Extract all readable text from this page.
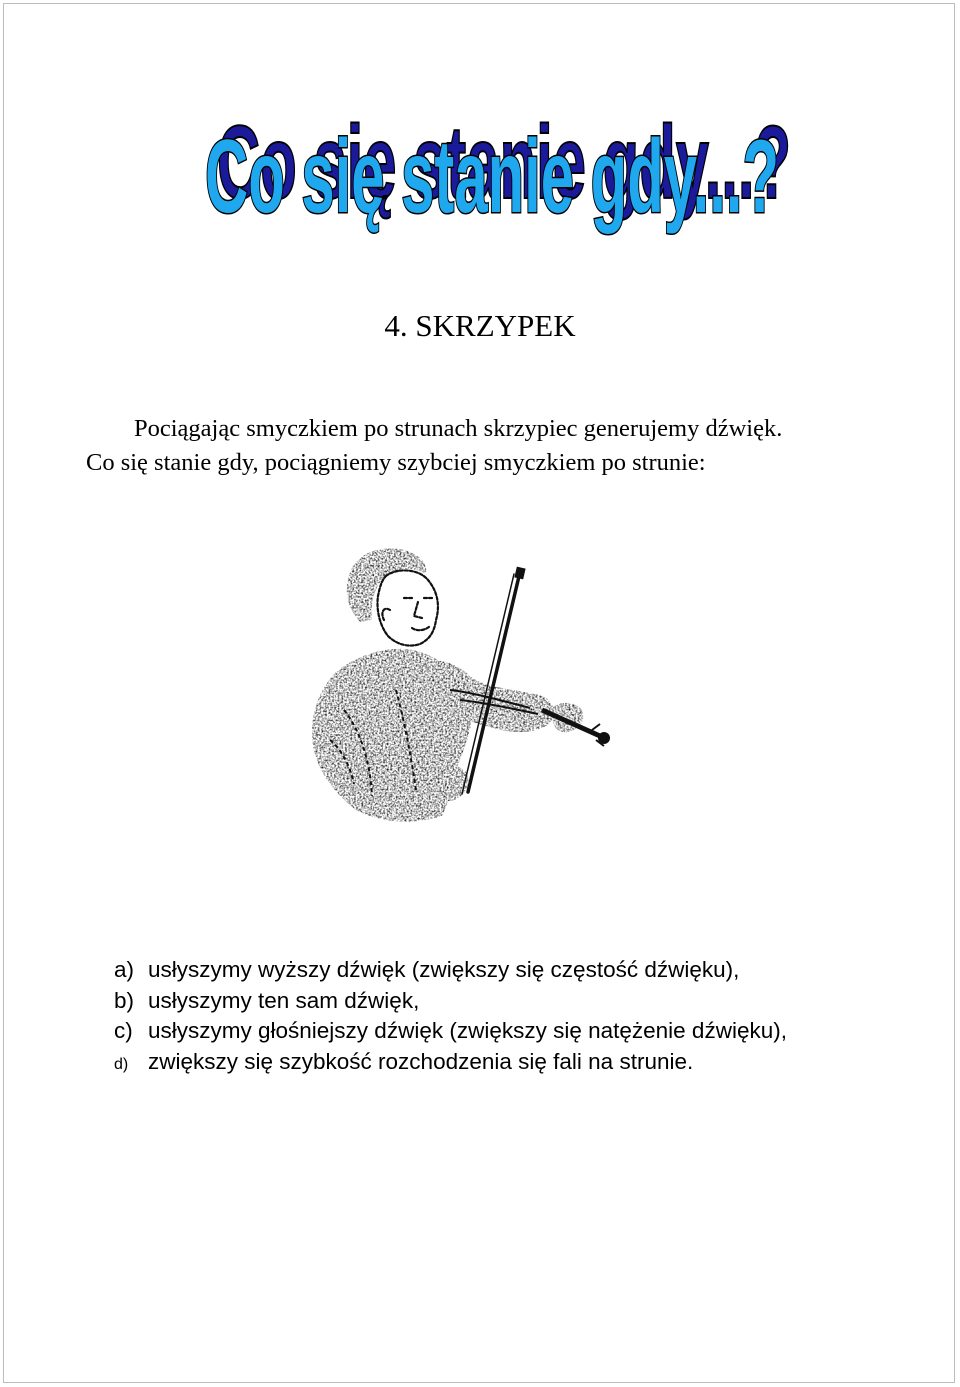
Co się stanie gdy...?
Co się stanie gdy...?
4. SKRZYPEK
Pociągając smyczkiem po strunach skrzypiec generujemy dźwięk.
Co się stanie gdy, pociągniemy szybciej smyczkiem po strunie:
a) usłyszymy wyższy dźwięk (zwiększy się częstość dźwięku),
b) usłyszymy ten sam dźwięk,
c) usłyszymy głośniejszy dźwięk (zwiększy się natężenie dźwięku),
d) zwiększy się szybkość rozchodzenia się fali na strunie.
